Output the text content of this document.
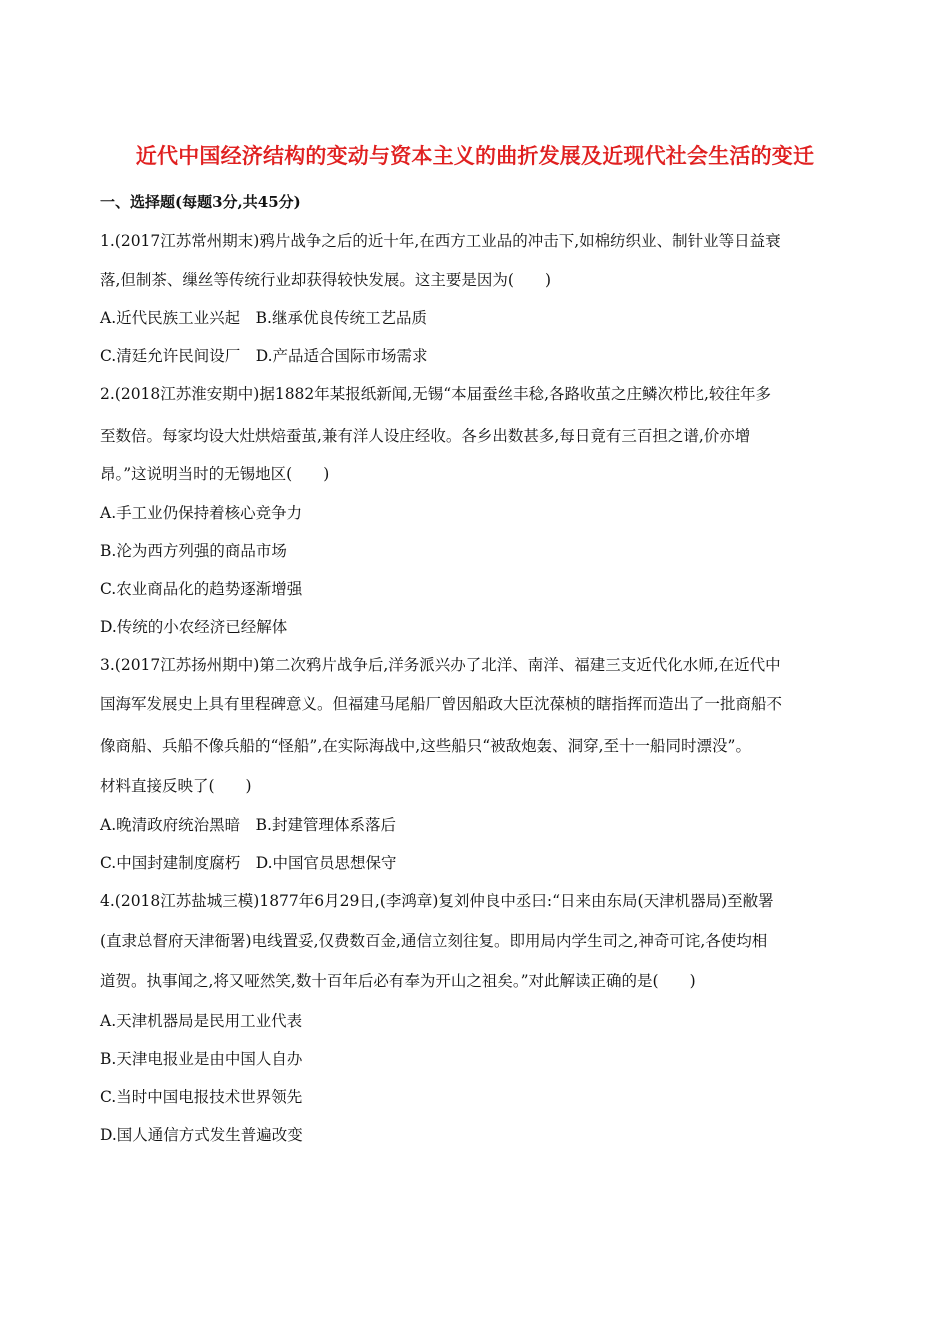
近代中国经济结构的变动与资本主义的曲折发展及近现代社会生活的变迁
一、选择题(每题3分,共45分)
1.(2017江苏常州期末)鸦片战争之后的近十年,在西方工业品的冲击下,如棉纺织业、制针业等日益衰
落,但制茶、缫丝等传统行业却获得较快发展。这主要是因为(　　)
A.近代民族工业兴起　B.继承优良传统工艺品质
C.清廷允许民间设厂　D.产品适合国际市场需求
2.(2018江苏淮安期中)据1882年某报纸新闻,无锡“本届蚕丝丰稔,各路收茧之庄鳞次栉比,较往年多
至数倍。每家均设大灶烘焙蚕茧,兼有洋人设庄经收。各乡出数甚多,每日竟有三百担之谱,价亦增
昂。”这说明当时的无锡地区(　　)
A.手工业仍保持着核心竞争力
B.沦为西方列强的商品市场
C.农业商品化的趋势逐渐增强
D.传统的小农经济已经解体
3.(2017江苏扬州期中)第二次鸦片战争后,洋务派兴办了北洋、南洋、福建三支近代化水师,在近代中
国海军发展史上具有里程碑意义。但福建马尾船厂曾因船政大臣沈葆桢的瞎指挥而造出了一批商船不
像商船、兵船不像兵船的“怪船”,在实际海战中,这些船只“被敌炮轰、洞穿,至十一船同时漂没”。
材料直接反映了(　　)
A.晚清政府统治黑暗　B.封建管理体系落后
C.中国封建制度腐朽　D.中国官员思想保守
4.(2018江苏盐城三模)1877年6月29日,(李鸿章)复刘仲良中丞曰:“日来由东局(天津机器局)至敝署
(直隶总督府天津衙署)电线置妥,仅费数百金,通信立刻往复。即用局内学生司之,神奇可诧,各使均相
道贺。执事闻之,将又哑然笑,数十百年后必有奉为开山之祖矣。”对此解读正确的是(　　)
A.天津机器局是民用工业代表
B.天津电报业是由中国人自办
C.当时中国电报技术世界领先
D.国人通信方式发生普遍改变
